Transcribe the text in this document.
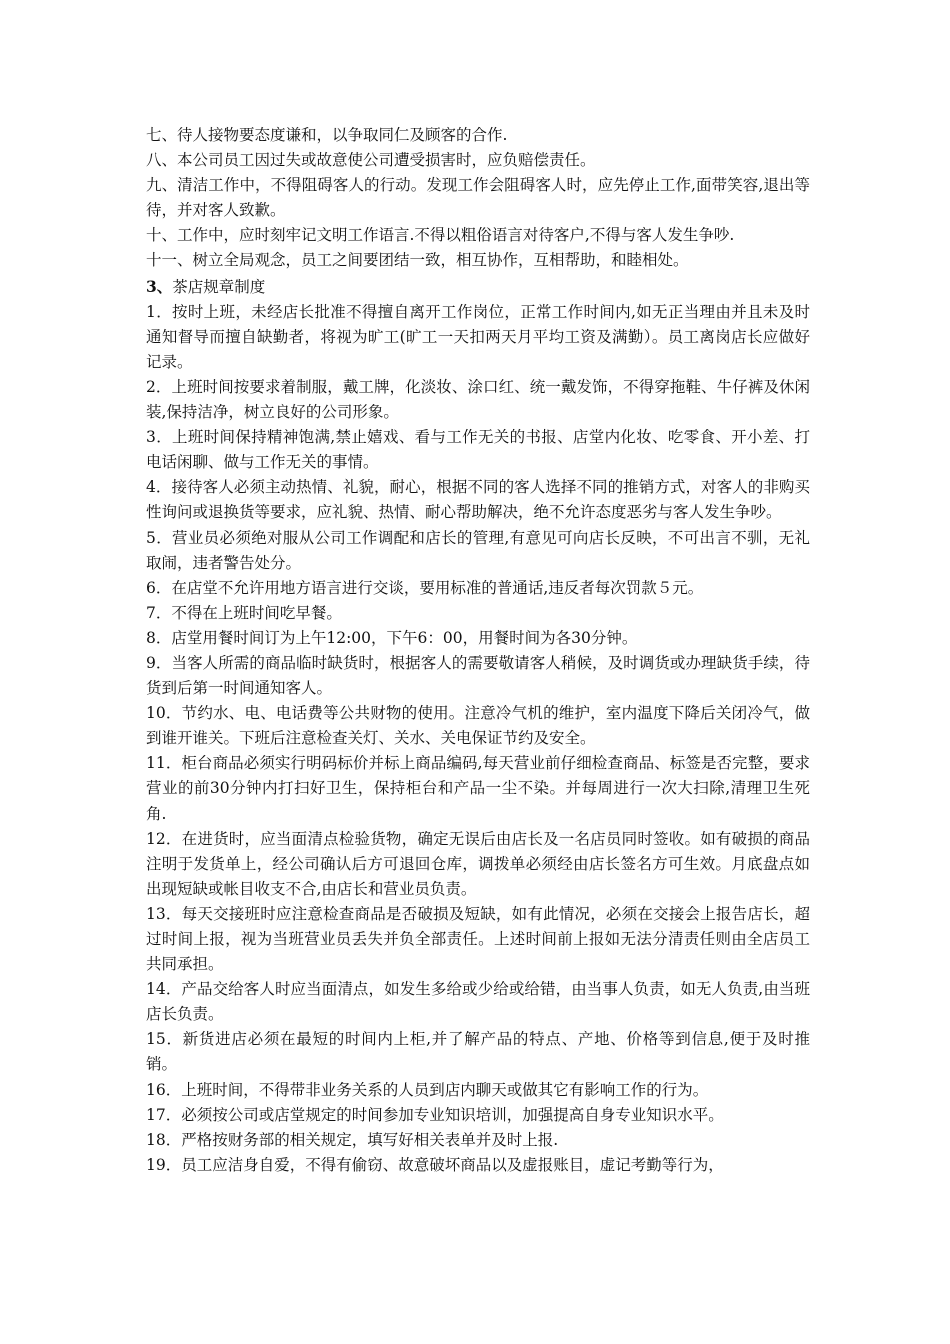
七、待人接物要态度谦和，以争取同仁及顾客的合作.

八、本公司员工因过失或故意使公司遭受损害时，应负赔偿责任。

九、清洁工作中，不得阻碍客人的行动。发现工作会阻碍客人时，应先停止工作,面带笑容,退出等待，并对客人致歉。

十、工作中，应时刻牢记文明工作语言.不得以粗俗语言对待客户,不得与客人发生争吵.

十一、树立全局观念，员工之间要团结一致，相互协作，互相帮助，和睦相处。

3、茶店规章制度

1．按时上班，未经店长批准不得擅自离开工作岗位，正常工作时间内,如无正当理由并且未及时通知督导而擅自缺勤者，将视为旷工(旷工一天扣两天月平均工资及满勤）。员工离岗店长应做好记录。

2．上班时间按要求着制服，戴工牌，化淡妆、涂口红、统一戴发饰，不得穿拖鞋、牛仔裤及休闲装,保持洁净，树立良好的公司形象。

3．上班时间保持精神饱满,禁止嬉戏、看与工作无关的书报、店堂内化妆、吃零食、开小差、打电话闲聊、做与工作无关的事情。

4．接待客人必须主动热情、礼貌，耐心，根据不同的客人选择不同的推销方式，对客人的非购买性询问或退换货等要求，应礼貌、热情、耐心帮助解决，绝不允许态度恶劣与客人发生争吵。

5．营业员必须绝对服从公司工作调配和店长的管理,有意见可向店长反映，不可出言不驯，无礼取闹，违者警告处分。

6．在店堂不允许用地方语言进行交谈，要用标准的普通话,违反者每次罚款５元。

7．不得在上班时间吃早餐。

8．店堂用餐时间订为上午12:00，下午6：00，用餐时间为各30分钟。

9．当客人所需的商品临时缺货时，根据客人的需要敬请客人稍候，及时调货或办理缺货手续，待货到后第一时间通知客人。

10．节约水、电、电话费等公共财物的使用。注意冷气机的维护，室内温度下降后关闭冷气，做到谁开谁关。下班后注意检查关灯、关水、关电保证节约及安全。

11．柜台商品必须实行明码标价并标上商品编码,每天营业前仔细检查商品、标签是否完整，要求营业的前30分钟内打扫好卫生，保持柜台和产品一尘不染。并每周进行一次大扫除,清理卫生死角.

12．在进货时，应当面清点检验货物，确定无误后由店长及一名店员同时签收。如有破损的商品注明于发货单上，经公司确认后方可退回仓库，调拨单必须经由店长签名方可生效。月底盘点如出现短缺或帐目收支不合,由店长和营业员负责。

13．每天交接班时应注意检查商品是否破损及短缺，如有此情况，必须在交接会上报告店长，超过时间上报，视为当班营业员丢失并负全部责任。上述时间前上报如无法分清责任则由全店员工共同承担。

14．产品交给客人时应当面清点，如发生多给或少给或给错，由当事人负责，如无人负责,由当班店长负责。

15．新货进店必须在最短的时间内上柜,并了解产品的特点、产地、价格等到信息,便于及时推销。

16．上班时间，不得带非业务关系的人员到店内聊天或做其它有影响工作的行为。

17．必须按公司或店堂规定的时间参加专业知识培训，加强提高自身专业知识水平。

18．严格按财务部的相关规定，填写好相关表单并及时上报.

19．员工应洁身自爱，不得有偷窃、故意破坏商品以及虚报账目，虚记考勤等行为，
